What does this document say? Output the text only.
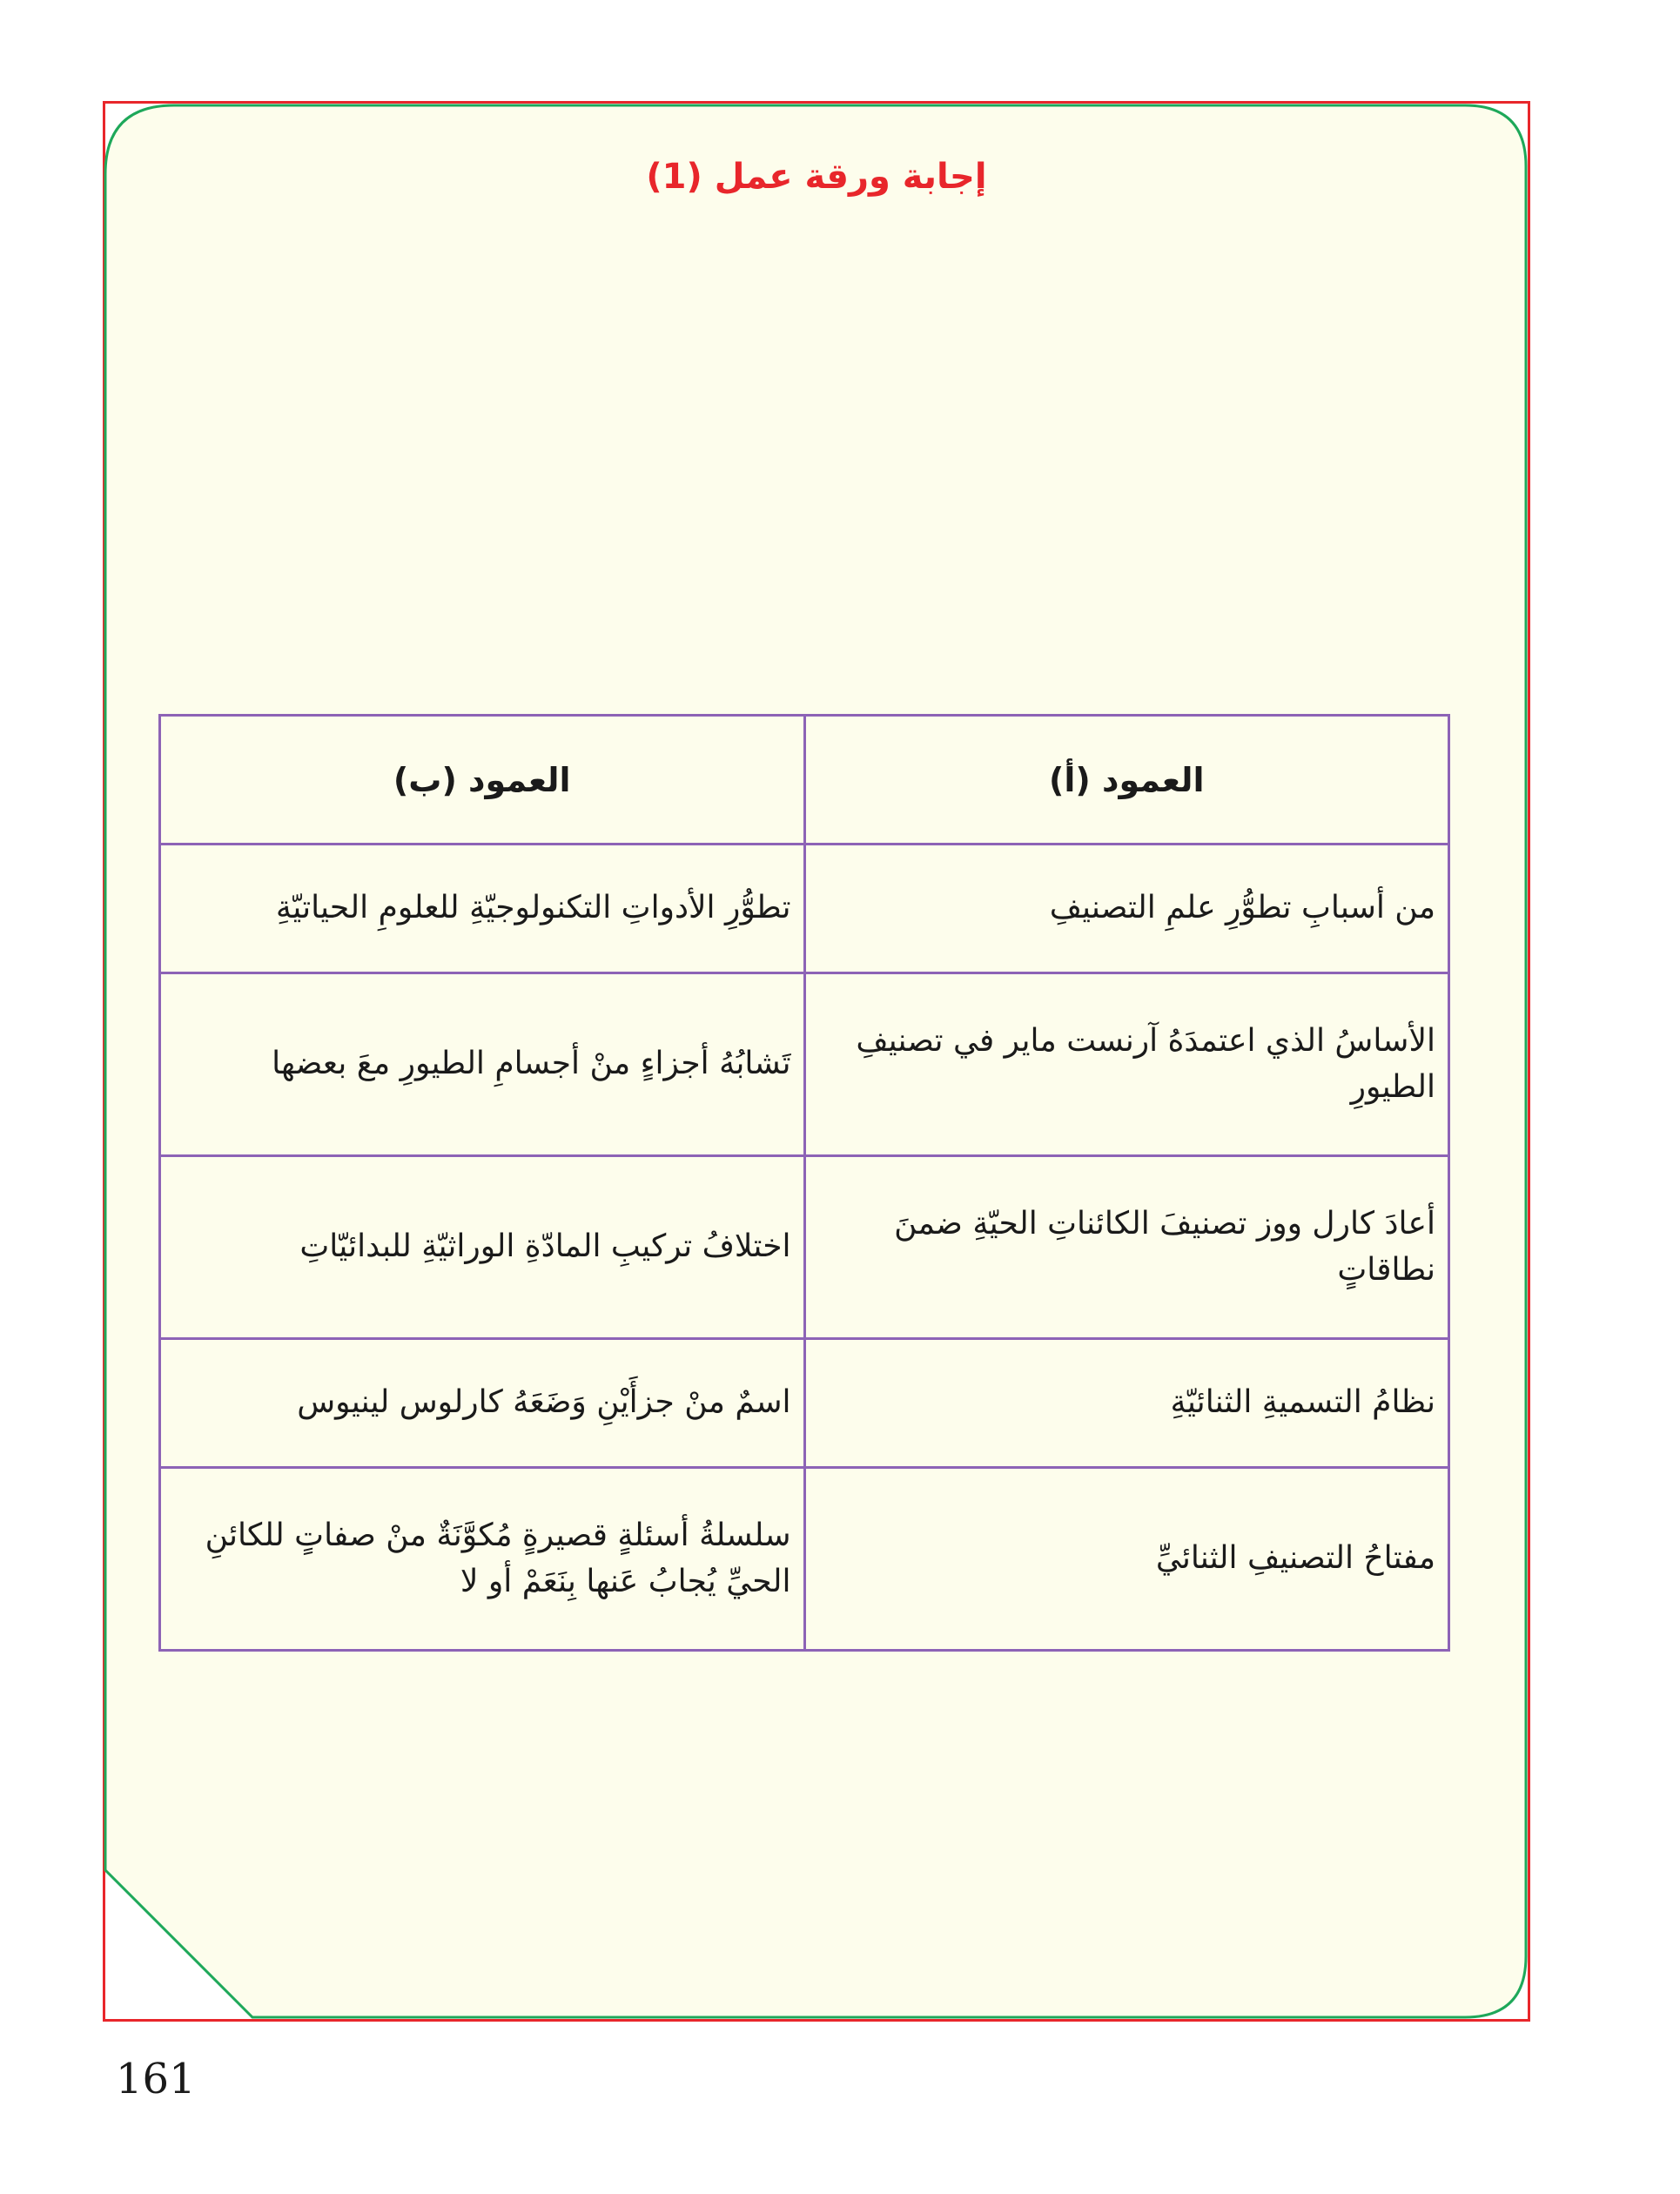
إجابة ورقة عمل (1)
العمود (أ)	العمود (ب)
من أسبابِ تطوُّرِ علمِ التصنيفِ	تطوُّرِ الأدواتِ التكنولوجيّةِ للعلومِ الحياتيّةِ
الأساسُ الذي اعتمدَهُ آرنست ماير في تصنيفِ الطيورِ	تَشابُهُ أجزاءٍ منْ أجسامِ الطيورِ معَ بعضها
أعادَ كارل ووز تصنيفَ الكائناتِ الحيّةِ ضمنَ نطاقاتٍ	اختلافُ تركيبِ المادّةِ الوراثيّةِ للبدائيّاتِ
نظامُ التسميةِ الثنائيّةِ	اسمٌ منْ جزأَيْنِ وَضَعَهُ كارلوس لينيوس
مفتاحُ التصنيفِ الثنائيِّ	سلسلةُ أسئلةٍ قصيرةٍ مُكوَّنَةٌ منْ صفاتٍ للكائنِ الحيِّ يُجابُ عَنها بِنَعَمْ أو لا
161
